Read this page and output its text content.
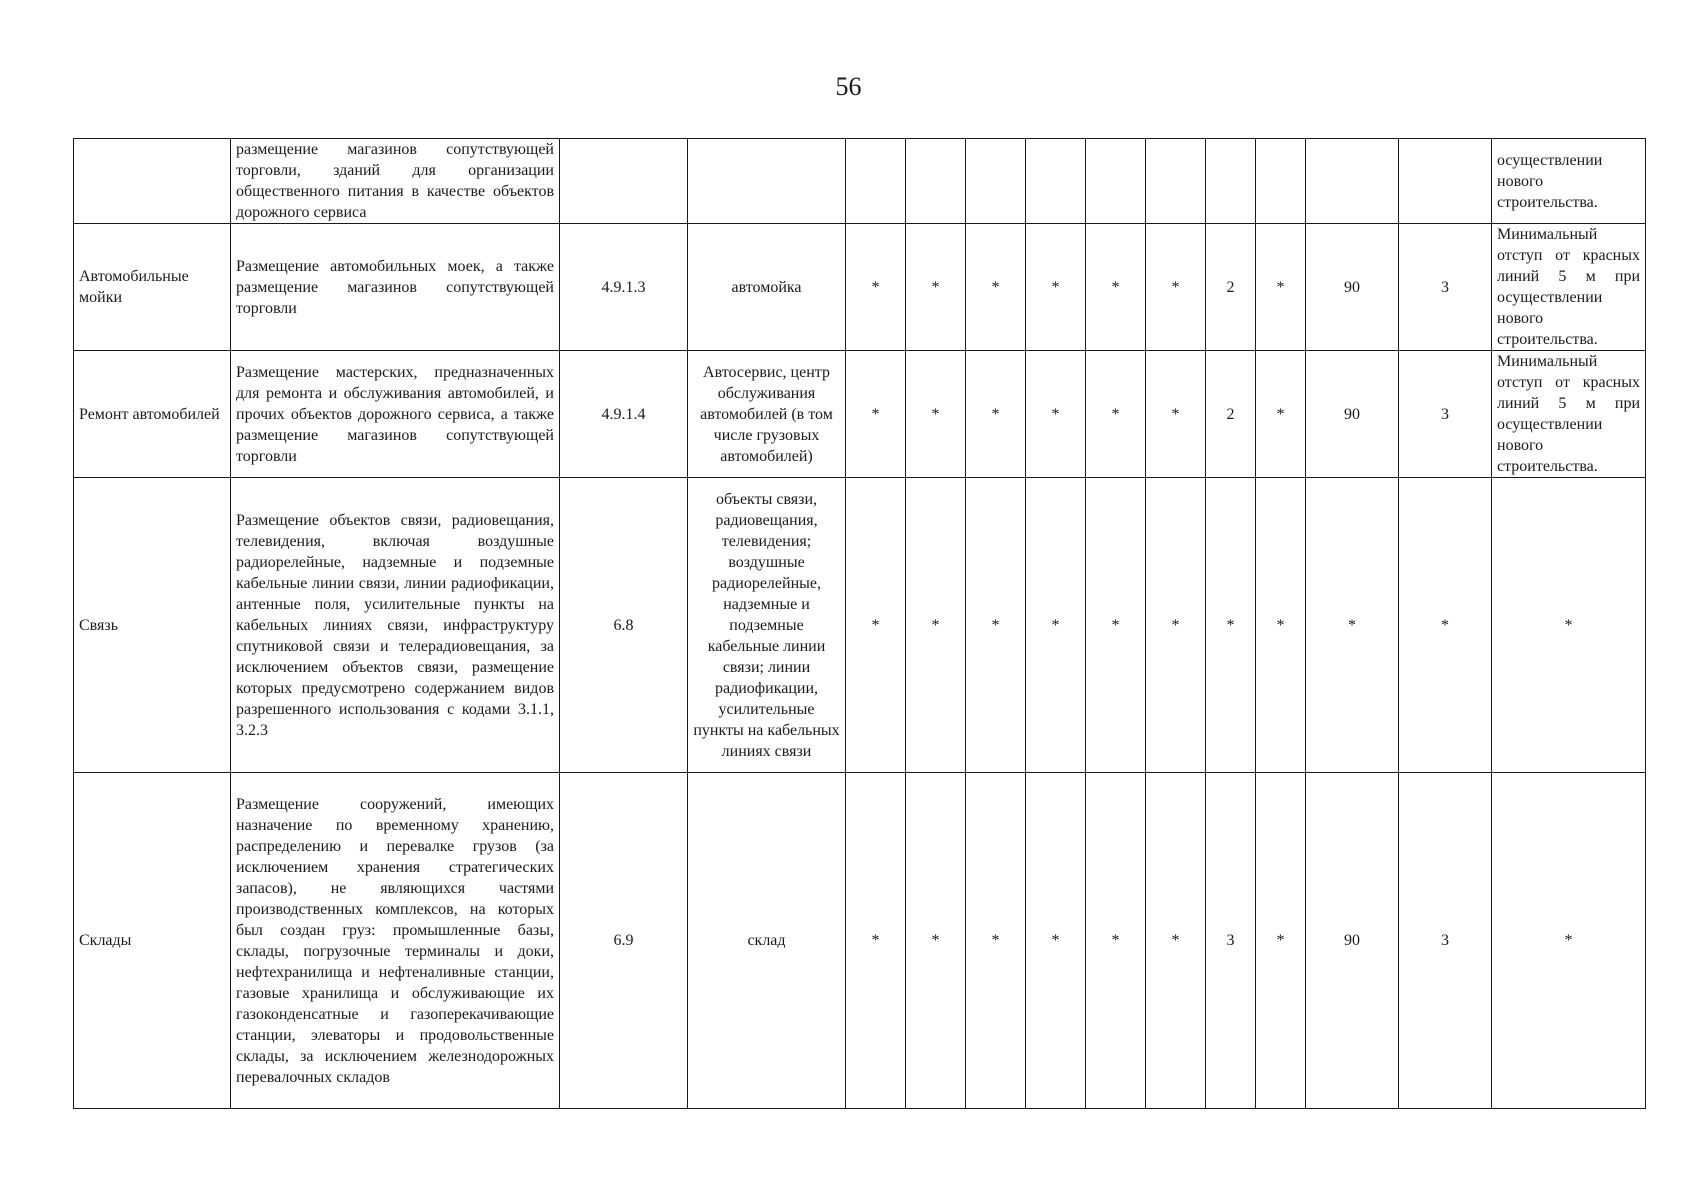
56
	размещение магазинов сопутствующей торговли, зданий для организации общественного питания в качестве объектов дорожного сервиса													осуществлении нового строительства.
Автомобильные мойки	Размещение автомобильных моек, а также размещение магазинов сопутствующей торговли	4.9.1.3	автомойка	*	*	*	*	*	*	2	*	90	3	Минимальный отступ от красных линий 5 м при осуществлении нового строительства.
Ремонт автомобилей	Размещение мастерских, предназначенных для ремонта и обслуживания автомобилей, и прочих объектов дорожного сервиса, а также размещение магазинов сопутствующей торговли	4.9.1.4	Автосервис, центр обслуживания автомобилей (в том числе грузовых автомобилей)	*	*	*	*	*	*	2	*	90	3	Минимальный отступ от красных линий 5 м при осуществлении нового строительства.
Связь	Размещение объектов связи, радиовещания, телевидения, включая воздушные радиорелейные, надземные и подземные кабельные линии связи, линии радиофикации, антенные поля, усилительные пункты на кабельных линиях связи, инфраструктуру спутниковой связи и телерадиовещания, за исключением объектов связи, размещение которых предусмотрено содержанием видов разрешенного использования с кодами 3.1.1, 3.2.3	6.8	объекты связи, радиовещания, телевидения; воздушные радиорелейные, надземные и подземные кабельные линии связи; линии радиофикации, усилительные пункты на кабельных линиях связи	*	*	*	*	*	*	*	*	*	*	*
Склады	Размещение сооружений, имеющих назначение по временному хранению, распределению и перевалке грузов (за исключением хранения стратегических запасов), не являющихся частями производственных комплексов, на которых был создан груз: промышленные базы, склады, погрузочные терминалы и доки, нефтехранилища и нефтеналивные станции, газовые хранилища и обслуживающие их газоконденсатные и газоперекачивающие станции, элеваторы и продовольственные склады, за исключением железнодорожных перевалочных складов	6.9	склад	*	*	*	*	*	*	3	*	90	3	*
